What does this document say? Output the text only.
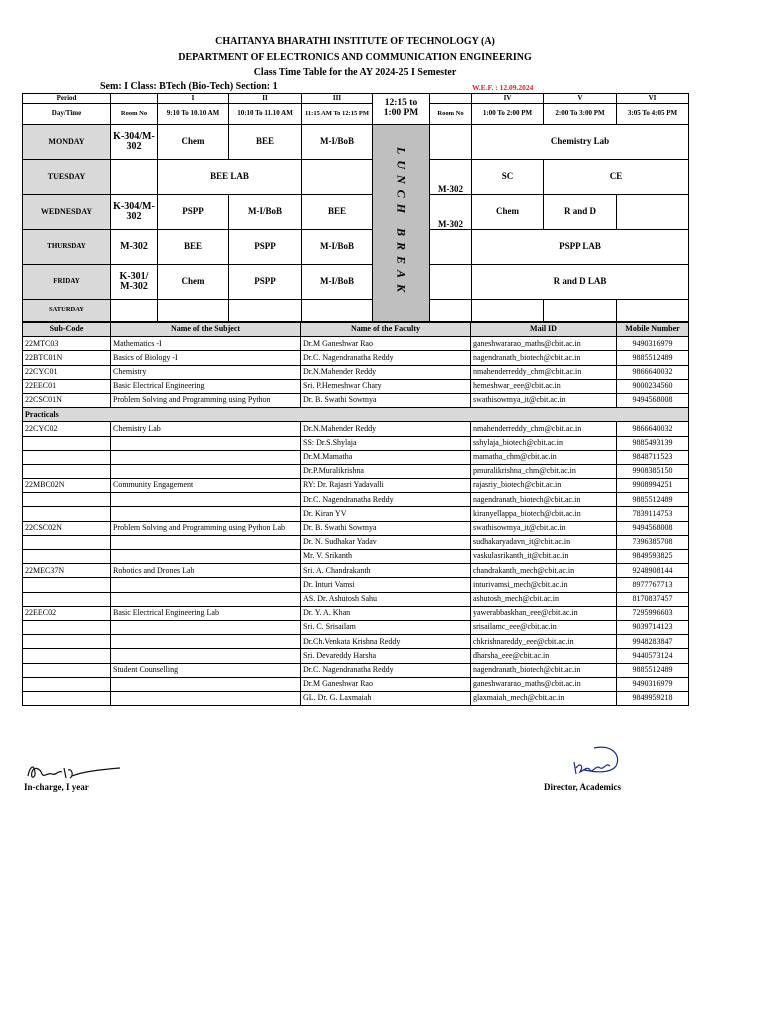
CHAITANYA BHARATHI INSTITUTE OF TECHNOLOGY (A)
DEPARTMENT OF ELECTRONICS AND COMMUNICATION ENGINEERING
Class Time Table for the AY 2024-25 I Semester
Sem: I Class: BTech (Bio-Tech) Section: 1	W.E.F. : 12.09.2024
Period		I	II	III	12:15 to 1:00 PM		IV	V	VI
Day/Time	Room No	9:10 To 10.10 AM	10:10 To 11.10 AM	11:15 AM To 12:15 PM		Room No	1:00 To 2:00 PM	2:00 To 3:00 PM	3:05 To 4:05 PM
MONDAY	K-304/M-302	Chem	BEE	M-I/BoB	LUNCH BREAK		Chemistry Lab		
TUESDAY		BEE LAB				M-302	SC	CE	
WEDNESDAY	K-304/M-302	PSPP	M-I/BoB	BEE		M-302	Chem	R and D	
THURSDAY	M-302	BEE	PSPP	M-I/BoB			PSPP LAB		
FRIDAY	K-301/ M-302	Chem	PSPP	M-I/BoB			R and D LAB		
SATURDAY									
Sub-Code	Name of the Subject	Name of the Faculty	Mail ID	Mobile Number
22MTC03	Mathematics -I	Dr.M Ganeshwar Rao	ganeshwararao_maths@cbit.ac.in	9490316979
22BTC01N	Basics of Biology -I	Dr.C. Nagendranatha Reddy	nagendranath_biotech@cbit.ac.in	9885512489
22CYC01	Chemistry	Dr.N.Mahender Reddy	nmahenderreddy_chm@cbit.ac.in	9866640032
22EEC01	Basic Electrical Engineering	Sri. P.Hemeshwar Chary	hemeshwar_eee@cbit.ac.in	9000234560
22CSC01N	Problem Solving and Programming using Python	Dr. B. Swathi Sowmya	swathisowmya_it@cbit.ac.in	9494568008
Practicals				
22CYC02	Chemistry Lab	Dr.N.Mahender Reddy	nmahenderreddy_chm@cbit.ac.in	9866640032
		SS: Dr.S.Shylaja	sshylaja_biotech@cbit.ac.in	9885493139
		Dr.M.Mamatha	mamatha_chm@cbit.ac.in	9848711523
		Dr.P.Muralikrishna	pmuralikrishna_chm@cbit.ac.in	9908385150
22MBC02N	Community Engagement	RY: Dr. Rajasri Yadavalli	rajasriy_biotech@cbit.ac.in	9908994251
		Dr.C. Nagendranatha Reddy	nagendranath_biotech@cbit.ac.in	9885512489
		Dr. Kiran YV	kiranyellappa_biotech@cbit.ac.in	7839114753
22CSC02N	Problem Solving and Programming using Python Lab	Dr. B. Swathi Sowmya	swathisowmya_it@cbit.ac.in	9494568008
		Dr. N. Sudhakar Yadav	sudhakaryadavn_it@cbit.ac.in	7396385708
		Mr. V. Srikanth	vaskulasrikanth_it@cbit.ac.in	9849593825
22MEC37N	Robotics and Drones Lab	Sri. A. Chandrakanth	chandrakanth_mech@cbit.ac.in	9248908144
		Dr. Inturi Vamsi	inturivamsi_mech@cbit.ac.in	8977767713
		AS. Dr. Ashutosh Sahu	ashutosh_mech@cbit.ac.in	8170837457
22EEC02	Basic Electrical Engineering Lab	Dr. Y. A. Khan	yawerabbaskhan_eee@cbit.ac.in	7295996603
		Sri. C. Srisailam	srisailamc_eee@cbit.ac.in	9039714123
		Dr.Ch.Venkata Krishna Reddy	chkrishnareddy_eee@cbit.ac.in	9948283847
		Sri. Devareddy Harsha	dharsha_eee@cbit.ac.in	9440573124
	Student Counselling	Dr.C. Nagendranatha Reddy	nagendranath_biotech@cbit.ac.in	9885512489
		Dr.M Ganeshwar Rao	ganeshwararao_maths@cbit.ac.in	9490316979
		GL. Dr. G. Laxmaiah	glaxmaiah_mech@cbit.ac.in	9849959218
In-charge, I year	Director, Academics
